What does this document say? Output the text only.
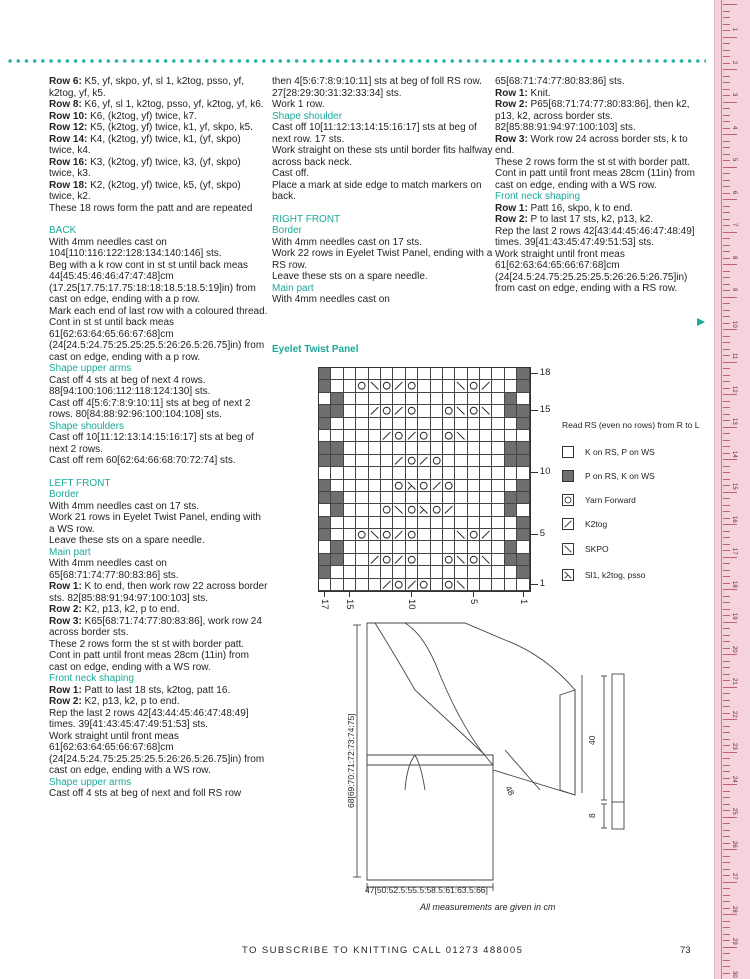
1
2
3
4
5
6
7
8
9
10
11
12
13
14
15
16
17
18
19
20
21
22
23
24
25
26
27
28
29
30
Row 6: K5, yf, skpo, yf, sl 1, k2tog, psso, yf, k2tog, yf, k5.
Row 8: K6, yf, sl 1, k2tog, psso, yf, k2tog, yf, k6.
Row 10: K6, (k2tog, yf) twice, k7.
Row 12: K5, (k2tog, yf) twice, k1, yf, skpo, k5.
Row 14: K4, (k2tog, yf) twice, k1, (yf, skpo) twice, k4.
Row 16: K3, (k2tog, yf) twice, k3, (yf, skpo) twice, k3.
Row 18: K2, (k2tog, yf) twice, k5, (yf, skpo) twice, k2.
These 18 rows form the patt and are repeated
BACK
With 4mm needles cast on 104[110:116:122:128:134:140:146] sts.
Beg with a k row cont in st st until back meas 44[45:45:46:46:47:47:48]cm (17.25[17.75:17.75:18:18:18.5:18.5:19]in) from cast on edge, ending with a p row.
Mark each end of last row with a coloured thread.
Cont in st st until back meas 61[62:63:64:65:66:67:68]cm (24[24.5:24.75:25.25:25.5:26:26.5:26.75]in) from cast on edge, ending with a p row.
Shape upper arms
Cast off 4 sts at beg of next 4 rows. 88[94:100:106:112:118:124:130] sts.
Cast off 4[5:6:7:8:9:10:11] sts at beg of next 2 rows. 80[84:88:92:96:100:104:108] sts.
Shape shoulders
Cast off 10[11:12:13:14:15:16:17] sts at beg of next 2 rows.
Cast off rem 60[62:64:66:68:70:72:74] sts.
LEFT FRONT
Border
With 4mm needles cast on 17 sts.
Work 21 rows in Eyelet Twist Panel, ending with a WS row.
Leave these sts on a spare needle.
Main part
With 4mm needles cast on 65[68:71:74:77:80:83:86] sts.
Row 1: K to end, then work row 22 across border sts. 82[85:88:91:94:97:100:103] sts.
Row 2: K2, p13, k2, p to end.
Row 3: K65[68:71:74:77:80:83:86], work row 24 across border sts.
These 2 rows form the st st with border patt.
Cont in patt until front meas 28cm (11in) from cast on edge, ending with a WS row.
Front neck shaping
Row 1: Patt to last 18 sts, k2tog, patt 16.
Row 2: K2, p13, k2, p to end.
Rep the last 2 rows 42[43:44:45:46:47:48:49] times. 39[41:43:45:47:49:51:53] sts.
Work straight until front meas 61[62:63:64:65:66:67:68]cm (24[24.5:24.75:25.25:25.5:26:26.5:26.75]in) from cast on edge, ending with a WS row.
Shape upper arms
Cast off 4 sts at beg of next and foll RS row
then 4[5:6:7:8:9:10:11] sts at beg of foll RS row. 27[28:29:30:31:32:33:34] sts.
Work 1 row.
Shape shoulder
Cast off 10[11:12:13:14:15:16:17] sts at beg of next row. 17 sts.
Work straight on these sts until border fits halfway across back neck.
Cast off.
Place a mark at side edge to match markers on back.
RIGHT FRONT
Border
With 4mm needles cast on 17 sts.
Work 22 rows in Eyelet Twist Panel, ending with a RS row.
Leave these sts on a spare needle.
Main part
With 4mm needles cast on
65[68:71:74:77:80:83:86] sts.
Row 1: Knit.
Row 2: P65[68:71:74:77:80:83:86], then k2, p13, k2, across border sts. 82[85:88:91:94:97:100:103] sts.
Row 3: Work row 24 across border sts, k to end.
These 2 rows form the st st with border patt. Cont in patt until front meas 28cm (11in) from cast on edge, ending with a WS row.
Front neck shaping
Row 1: Patt 16, skpo, k to end.
Row 2: P to last 17 sts, k2, p13, k2.
Rep the last 2 rows 42[43:44:45:46:47:48:49] times. 39[41:43:45:47:49:51:53] sts.
Work straight until front meas 61[62:63:64:65:66:67:68]cm (24[24.5:24.75:25.25:25.5:26:26.5:26.75]in) from cast on edge, ending with a RS row.
Eyelet Twist Panel
18
15
10
5
1
17 15	10	5	1
Read RS (even no rows) from R to L
K on RS, P on WS
P on RS, K on WS
Yarn Forward
K2tog
SKPO
Sl1, k2tog, psso
68[69:70:71:72:73:74:75]
47[50:52.5:55.5:58.5:61:63.5:66]
48
40
8
All measurements are given in cm
TO SUBSCRIBE TO KNITTING CALL 01273 488005	73
